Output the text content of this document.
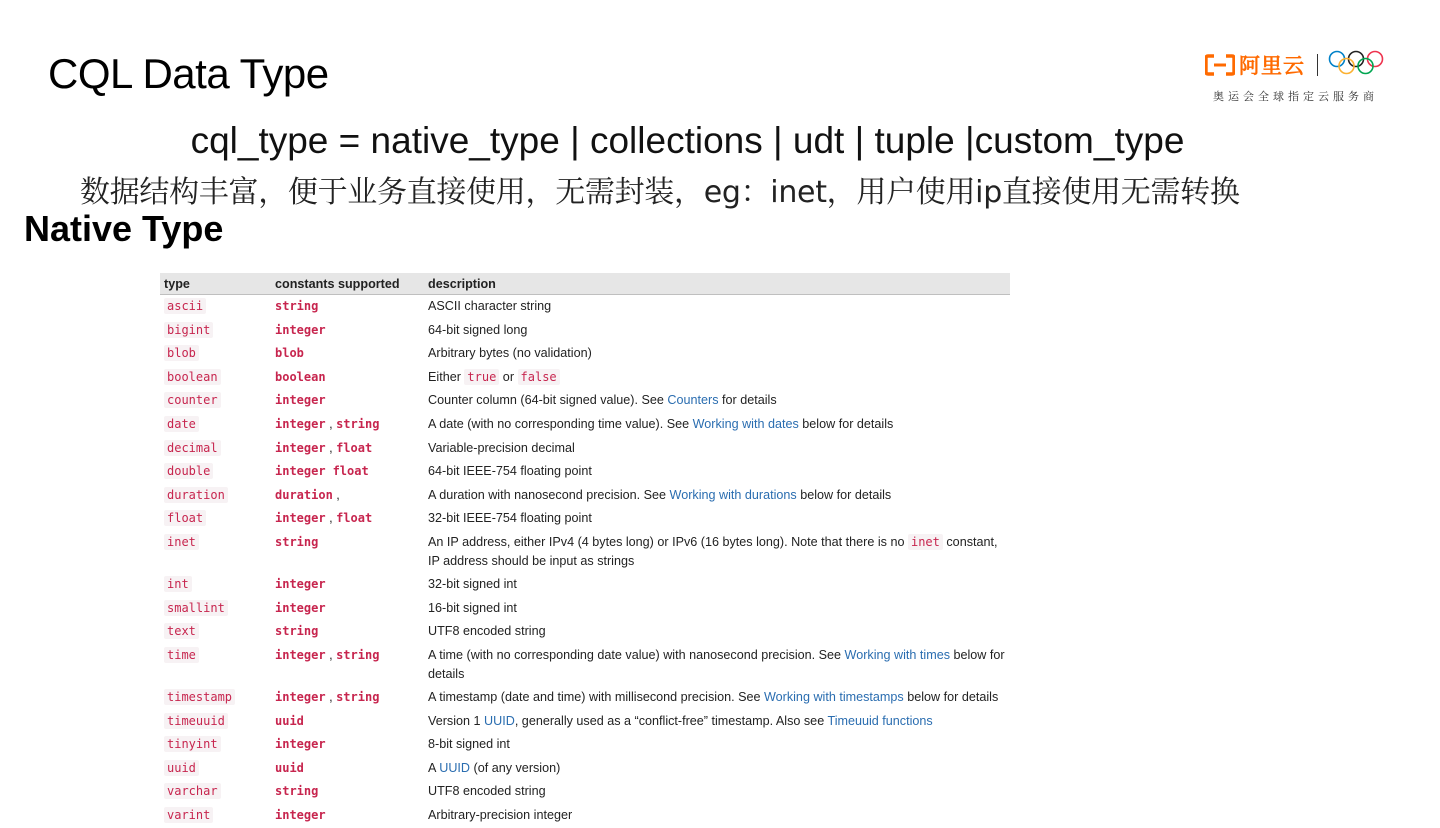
CQL Data Type	阿里云
奥运会全球指定云服务商
cql_type = native_type | collections | udt | tuple |custom_type
数据结构丰富，便于业务直接使用，无需封装，eg：inet，用户使用ip直接使用无需转换
Native Type
type	constants supported	description
ascii	string	ASCII character string
bigint	integer	64-bit signed long
blob	blob	Arbitrary bytes (no validation)
boolean	boolean	Either true or false
counter	integer	Counter column (64-bit signed value). See Counters for details
date	integer , string	A date (with no corresponding time value). See Working with dates below for details
decimal	integer , float	Variable-precision decimal
double	integer float	64-bit IEEE-754 floating point
duration	duration ,	A duration with nanosecond precision. See Working with durations below for details
float	integer , float	32-bit IEEE-754 floating point
inet	string	An IP address, either IPv4 (4 bytes long) or IPv6 (16 bytes long). Note that there is no inet constant, IP address should be input as strings
int	integer	32-bit signed int
smallint	integer	16-bit signed int
text	string	UTF8 encoded string
time	integer , string	A time (with no corresponding date value) with nanosecond precision. See Working with times below for details
timestamp	integer , string	A timestamp (date and time) with millisecond precision. See Working with timestamps below for details
timeuuid	uuid	Version 1 UUID, generally used as a “conflict-free” timestamp. Also see Timeuuid functions
tinyint	integer	8-bit signed int
uuid	uuid	A UUID (of any version)
varchar	string	UTF8 encoded string
varint	integer	Arbitrary-precision integer
